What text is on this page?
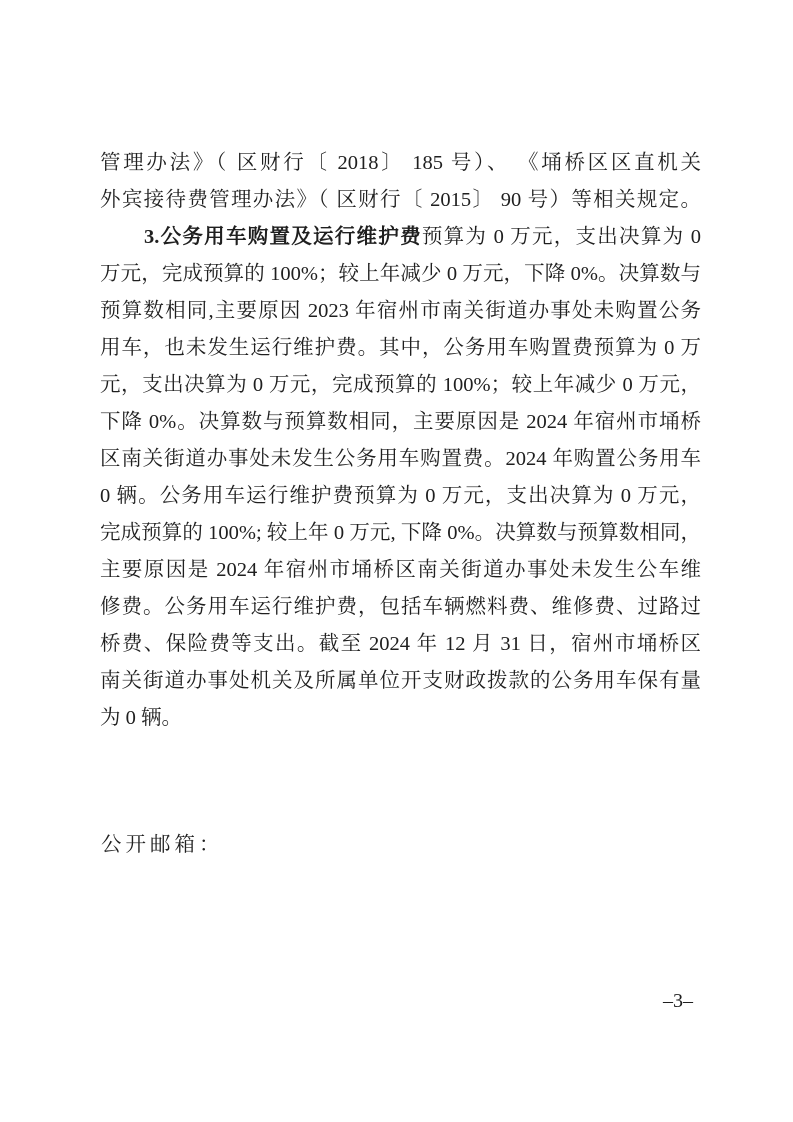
管理办法》（ 区财行〔 2018〕 185 号）、 《埇桥区区直机关
外宾接待费管理办法》（ 区财行〔 2015〕 90 号）等相关规定。
3.公务用车购置及运行维护费预算为 0 万元，支出决算为 0
万元，完成预算的 100%；较上年减少 0 万元，下降 0%。决算数与
预算数相同,主要原因 2023 年宿州市南关街道办事处未购置公务
用车，也未发生运行维护费。其中，公务用车购置费预算为 0 万
元，支出决算为 0 万元，完成预算的 100%；较上年减少 0 万元，
下降 0%。决算数与预算数相同，主要原因是 2024 年宿州市埇桥
区南关街道办事处未发生公务用车购置费。2024 年购置公务用车
0 辆。公务用车运行维护费预算为 0 万元，支出决算为 0 万元，
完成预算的 100%; 较上年 0 万元, 下降 0%。决算数与预算数相同，
主要原因是 2024 年宿州市埇桥区南关街道办事处未发生公车维
修费。公务用车运行维护费，包括车辆燃料费、维修费、过路过
桥费、保险费等支出。截至 2024 年 12 月 31 日，宿州市埇桥区
南关街道办事处机关及所属单位开支财政拨款的公务用车保有量
为 0 辆。
公开邮箱：
–3–
